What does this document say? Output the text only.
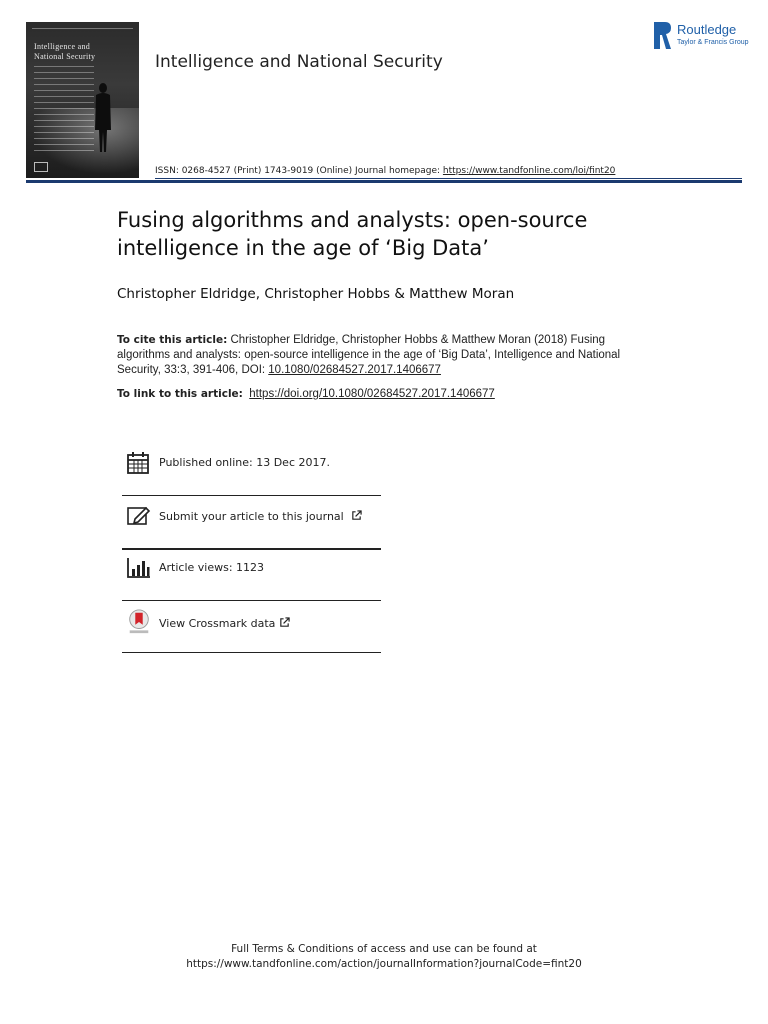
Intelligence and
National Security	Intelligence and National Security
Routledge
Taylor & Francis Group
ISSN: 0268-4527 (Print) 1743-9019 (Online) Journal homepage: https://www.tandfonline.com/loi/fint20
Fusing algorithms and analysts: open-source intelligence in the age of ‘Big Data’
Christopher Eldridge, Christopher Hobbs & Matthew Moran
To cite this article: Christopher Eldridge, Christopher Hobbs & Matthew Moran (2018) Fusing algorithms and analysts: open-source intelligence in the age of ‘Big Data’, Intelligence and National Security, 33:3, 391-406, DOI: 10.1080/02684527.2017.1406677
To link to this article: https://doi.org/10.1080/02684527.2017.1406677
Published online: 13 Dec 2017.
Submit your article to this journal
Article views: 1123
View Crossmark data
Full Terms & Conditions of access and use can be found at
https://www.tandfonline.com/action/journalInformation?journalCode=fint20
